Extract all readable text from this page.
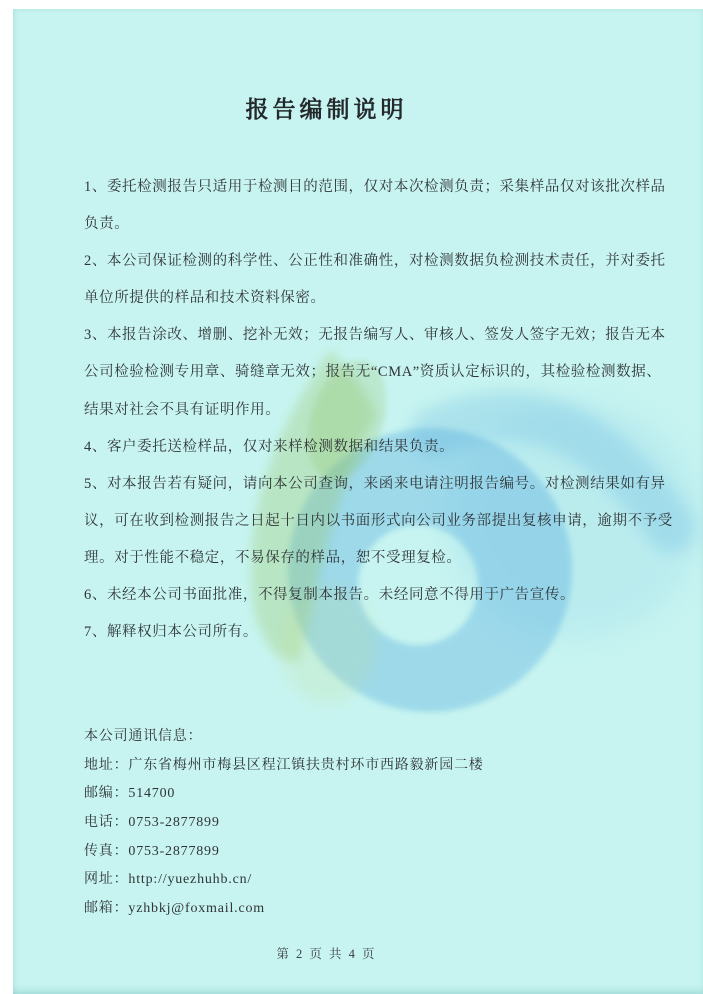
报告编制说明
1、委托检测报告只适用于检测目的范围，仅对本次检测负责；采集样品仅对该批次样品
负责。
2、本公司保证检测的科学性、公正性和准确性，对检测数据负检测技术责任，并对委托
单位所提供的样品和技术资料保密。
3、本报告涂改、增删、挖补无效；无报告编写人、审核人、签发人签字无效；报告无本
公司检验检测专用章、骑缝章无效；报告无“CMA”资质认定标识的，其检验检测数据、
结果对社会不具有证明作用。
4、客户委托送检样品，仅对来样检测数据和结果负责。
5、对本报告若有疑问，请向本公司查询，来函来电请注明报告编号。对检测结果如有异
议，可在收到检测报告之日起十日内以书面形式向公司业务部提出复核申请，逾期不予受
理。对于性能不稳定，不易保存的样品，恕不受理复检。
6、未经本公司书面批准，不得复制本报告。未经同意不得用于广告宣传。
7、解释权归本公司所有。
本公司通讯信息：
地址：广东省梅州市梅县区程江镇扶贵村环市西路毅新园二楼
邮编：514700
电话：0753-2877899
传真：0753-2877899
网址：http://yuezhuhb.cn/
邮箱：yzhbkj@foxmail.com
第 2 页 共 4 页
